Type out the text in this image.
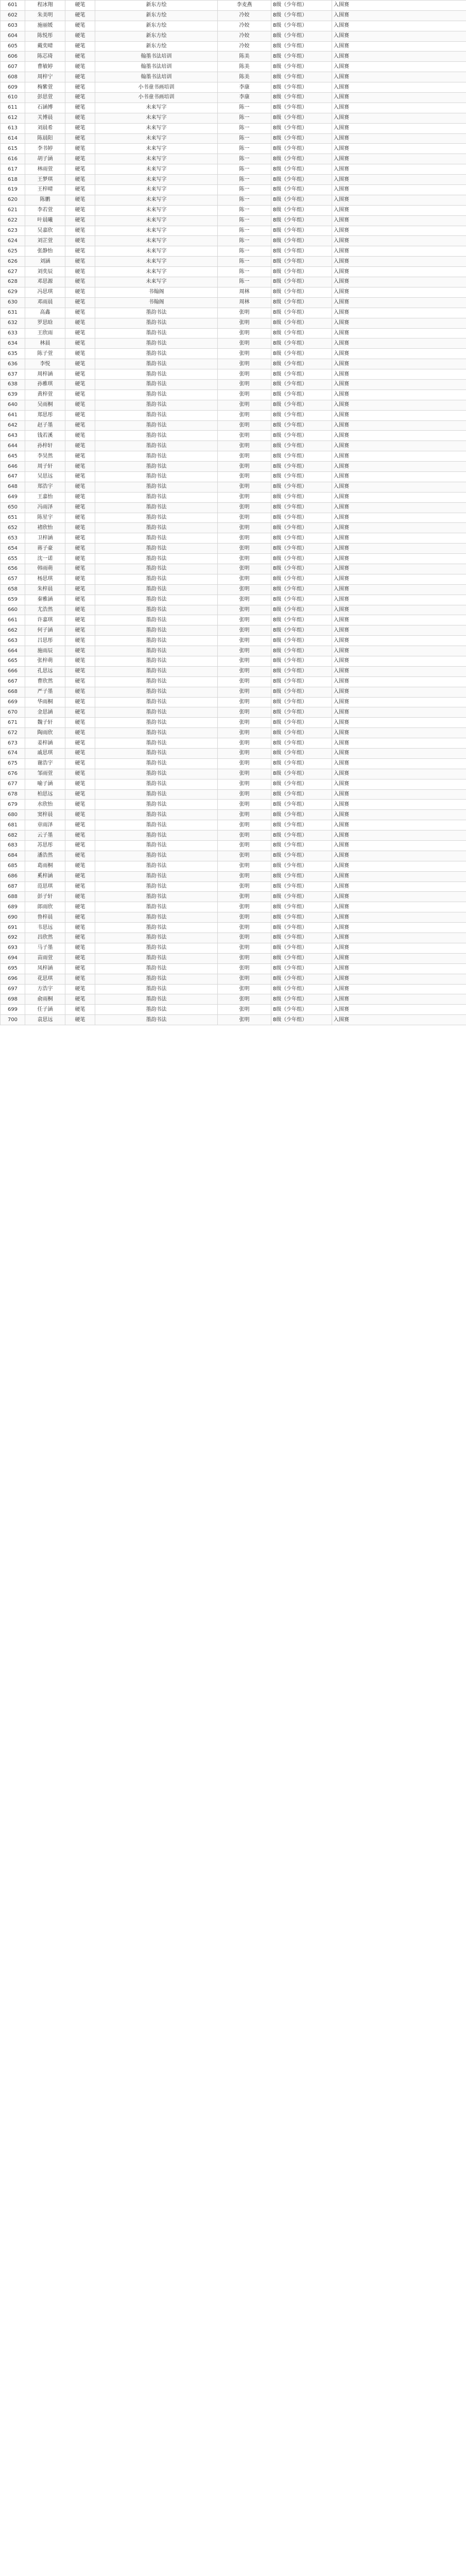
601	程冰翔	硬笔	新东方绘	李麦燕	8级（少年组）	入围赛
602	朱美明	硬笔	新东方绘	冷姣	8级（少年组）	入围赛
603	施丽媛	硬笔	新东方绘	冷姣	8级（少年组）	入围赛
604	陈悦彤	硬笔	新东方绘	冷姣	8级（少年组）	入围赛
605	戴奕晴	硬笔	新东方绘	冷姣	8级（少年组）	入围赛
606	陈芯琦	硬笔	翰墨书法培训	陈美	8级（少年组）	入围赛
607	曹敏婷	硬笔	翰墨书法培训	陈美	8级（少年组）	入围赛
608	周梓宁	硬笔	翰墨书法培训	陈美	8级（少年组）	入围赛
609	梅紫萱	硬笔	小书童书画培训	李康	8级（少年组）	入围赛
610	彭思萱	硬笔	小书童书画培训	李康	8级（少年组）	入围赛
611	石涵博	硬笔	未来写字	陈一	8级（少年组）	入围赛
612	关博晨	硬笔	未来写字	陈一	8级（少年组）	入围赛
613	刘晨希	硬笔	未来写字	陈一	8级（少年组）	入围赛
614	陈晨阳	硬笔	未来写字	陈一	8级（少年组）	入围赛
615	李书婷	硬笔	未来写字	陈一	8级（少年组）	入围赛
616	胡子涵	硬笔	未来写字	陈一	8级（少年组）	入围赛
617	林雨萱	硬笔	未来写字	陈一	8级（少年组）	入围赛
618	王梦琪	硬笔	未来写字	陈一	8级（少年组）	入围赛
619	王梓晴	硬笔	未来写字	陈一	8级（少年组）	入围赛
620	陈鹏	硬笔	未来写字	陈一	8级（少年组）	入围赛
621	李若萱	硬笔	未来写字	陈一	8级（少年组）	入围赛
622	叶晨曦	硬笔	未来写字	陈一	8级（少年组）	入围赛
623	吴嘉欣	硬笔	未来写字	陈一	8级（少年组）	入围赛
624	刘芷萱	硬笔	未来写字	陈一	8级（少年组）	入围赛
625	张静怡	硬笔	未来写字	陈一	8级（少年组）	入围赛
626	刘涵	硬笔	未来写字	陈一	8级（少年组）	入围赛
627	刘奕辰	硬笔	未来写字	陈一	8级（少年组）	入围赛
628	邓思源	硬笔	未来写字	陈一	8级（少年组）	入围赛
629	冯思琪	硬笔	书翰阁	周林	8级（少年组）	入围赛
630	邓雨晨	硬笔	书翰阁	周林	8级（少年组）	入围赛
631	高鑫	硬笔	墨韵书法	张明	8级（少年组）	入围赛
632	罗思晗	硬笔	墨韵书法	张明	8级（少年组）	入围赛
633	王欣雨	硬笔	墨韵书法	张明	8级（少年组）	入围赛
634	林晨	硬笔	墨韵书法	张明	8级（少年组）	入围赛
635	陈子萱	硬笔	墨韵书法	张明	8级（少年组）	入围赛
636	李悦	硬笔	墨韵书法	张明	8级（少年组）	入围赛
637	周梓涵	硬笔	墨韵书法	张明	8级（少年组）	入围赛
638	孙雅琪	硬笔	墨韵书法	张明	8级（少年组）	入围赛
639	黄梓萱	硬笔	墨韵书法	张明	8级（少年组）	入围赛
640	吴雨桐	硬笔	墨韵书法	张明	8级（少年组）	入围赛
641	郑思彤	硬笔	墨韵书法	张明	8级（少年组）	入围赛
642	赵子墨	硬笔	墨韵书法	张明	8级（少年组）	入围赛
643	钱若溪	硬笔	墨韵书法	张明	8级（少年组）	入围赛
644	孙梓轩	硬笔	墨韵书法	张明	8级（少年组）	入围赛
645	李昊然	硬笔	墨韵书法	张明	8级（少年组）	入围赛
646	周子轩	硬笔	墨韵书法	张明	8级（少年组）	入围赛
647	吴思远	硬笔	墨韵书法	张明	8级（少年组）	入围赛
648	郑浩宇	硬笔	墨韵书法	张明	8级（少年组）	入围赛
649	王嘉怡	硬笔	墨韵书法	张明	8级（少年组）	入围赛
650	冯雨泽	硬笔	墨韵书法	张明	8级（少年组）	入围赛
651	陈星宇	硬笔	墨韵书法	张明	8级（少年组）	入围赛
652	褚欣怡	硬笔	墨韵书法	张明	8级（少年组）	入围赛
653	卫梓涵	硬笔	墨韵书法	张明	8级（少年组）	入围赛
654	蒋子豪	硬笔	墨韵书法	张明	8级（少年组）	入围赛
655	沈一诺	硬笔	墨韵书法	张明	8级（少年组）	入围赛
656	韩雨萌	硬笔	墨韵书法	张明	8级（少年组）	入围赛
657	杨思琪	硬笔	墨韵书法	张明	8级（少年组）	入围赛
658	朱梓晨	硬笔	墨韵书法	张明	8级（少年组）	入围赛
659	秦雅涵	硬笔	墨韵书法	张明	8级（少年组）	入围赛
660	尤浩然	硬笔	墨韵书法	张明	8级（少年组）	入围赛
661	许嘉琪	硬笔	墨韵书法	张明	8级（少年组）	入围赛
662	何子涵	硬笔	墨韵书法	张明	8级（少年组）	入围赛
663	吕思彤	硬笔	墨韵书法	张明	8级（少年组）	入围赛
664	施雨辰	硬笔	墨韵书法	张明	8级（少年组）	入围赛
665	张梓萌	硬笔	墨韵书法	张明	8级（少年组）	入围赛
666	孔思远	硬笔	墨韵书法	张明	8级（少年组）	入围赛
667	曹欣然	硬笔	墨韵书法	张明	8级（少年组）	入围赛
668	严子墨	硬笔	墨韵书法	张明	8级（少年组）	入围赛
669	华雨桐	硬笔	墨韵书法	张明	8级（少年组）	入围赛
670	金思涵	硬笔	墨韵书法	张明	8级（少年组）	入围赛
671	魏子轩	硬笔	墨韵书法	张明	8级（少年组）	入围赛
672	陶雨欣	硬笔	墨韵书法	张明	8级（少年组）	入围赛
673	姜梓涵	硬笔	墨韵书法	张明	8级（少年组）	入围赛
674	戚思琪	硬笔	墨韵书法	张明	8级（少年组）	入围赛
675	谢浩宇	硬笔	墨韵书法	张明	8级（少年组）	入围赛
676	邹雨萱	硬笔	墨韵书法	张明	8级（少年组）	入围赛
677	喻子涵	硬笔	墨韵书法	张明	8级（少年组）	入围赛
678	柏思远	硬笔	墨韵书法	张明	8级（少年组）	入围赛
679	水欣怡	硬笔	墨韵书法	张明	8级（少年组）	入围赛
680	窦梓晨	硬笔	墨韵书法	张明	8级（少年组）	入围赛
681	章雨泽	硬笔	墨韵书法	张明	8级（少年组）	入围赛
682	云子墨	硬笔	墨韵书法	张明	8级（少年组）	入围赛
683	苏思彤	硬笔	墨韵书法	张明	8级（少年组）	入围赛
684	潘浩然	硬笔	墨韵书法	张明	8级（少年组）	入围赛
685	葛雨桐	硬笔	墨韵书法	张明	8级（少年组）	入围赛
686	奚梓涵	硬笔	墨韵书法	张明	8级（少年组）	入围赛
687	范思琪	硬笔	墨韵书法	张明	8级（少年组）	入围赛
688	彭子轩	硬笔	墨韵书法	张明	8级（少年组）	入围赛
689	郎雨欣	硬笔	墨韵书法	张明	8级（少年组）	入围赛
690	鲁梓晨	硬笔	墨韵书法	张明	8级（少年组）	入围赛
691	韦思远	硬笔	墨韵书法	张明	8级（少年组）	入围赛
692	昌欣然	硬笔	墨韵书法	张明	8级（少年组）	入围赛
693	马子墨	硬笔	墨韵书法	张明	8级（少年组）	入围赛
694	苗雨萱	硬笔	墨韵书法	张明	8级（少年组）	入围赛
695	凤梓涵	硬笔	墨韵书法	张明	8级（少年组）	入围赛
696	花思琪	硬笔	墨韵书法	张明	8级（少年组）	入围赛
697	方浩宇	硬笔	墨韵书法	张明	8级（少年组）	入围赛
698	俞雨桐	硬笔	墨韵书法	张明	8级（少年组）	入围赛
699	任子涵	硬笔	墨韵书法	张明	8级（少年组）	入围赛
700	袁思远	硬笔	墨韵书法	张明	8级（少年组）	入围赛
